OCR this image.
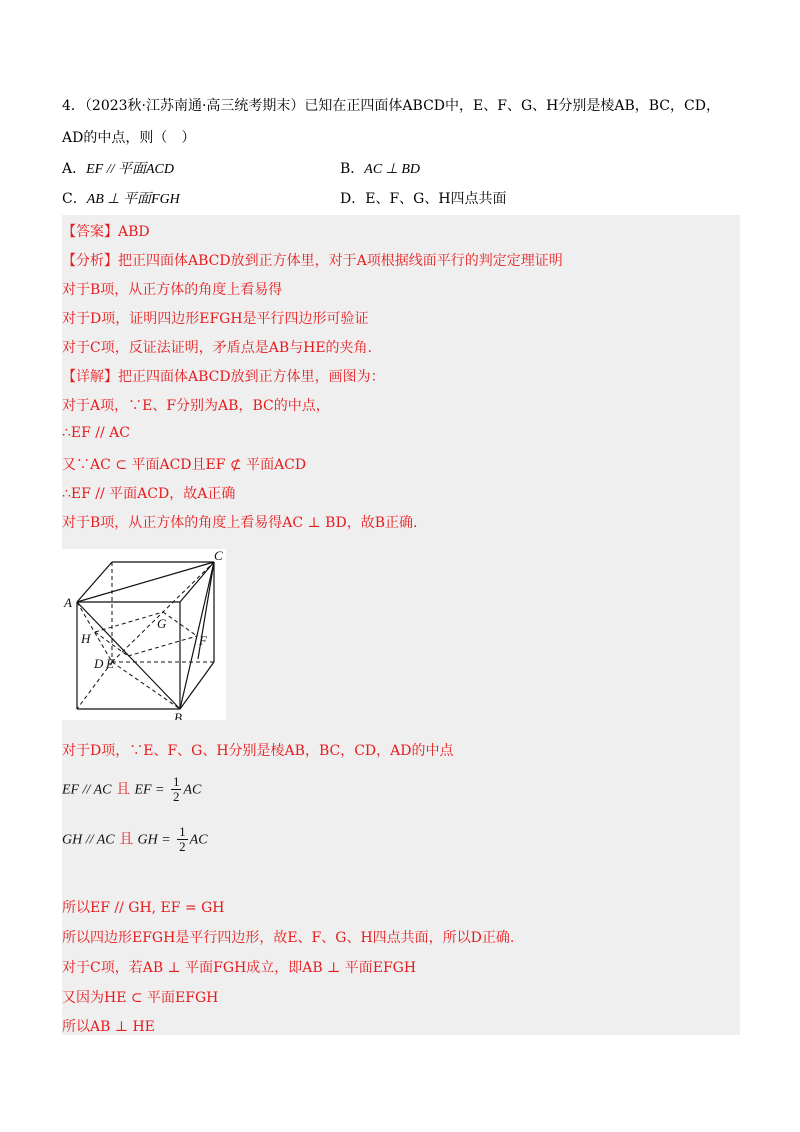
4．（2023秋·江苏南通·高三统考期末）已知在正四面体ABCD中，E、F、G、H分别是棱AB，BC，CD，
AD的中点，则（　）
A．EF // 平面ACD	B．AC ⊥ BD
C．AB ⊥ 平面FGH	D．E、F、G、H四点共面
【答案】ABD
【分析】把正四面体ABCD放到正方体里，对于A项根据线面平行的判定定理证明
对于B项，从正方体的角度上看易得
对于D项，证明四边形EFGH是平行四边形可验证
对于C项，反证法证明，矛盾点是AB与HE的夹角.
【详解】把正四面体ABCD放到正方体里，画图为：
对于A项，∵E、F分别为AB，BC的中点，
∴EF // AC
又∵AC ⊂ 平面ACD且EF ⊄ 平面ACD
∴EF // 平面ACD，故A正确
对于B项，从正方体的角度上看易得AC ⊥ BD，故B正确.
C
A
B
D E
F
G
H
对于D项，∵E、F、G、H分别是棱AB，BC，CD，AD的中点
EF // AC 且 EF = $\frac{1}{2}$ AC
GH // AC 且 GH = $\frac{1}{2}$ AC
所以EF // GH, EF = GH
所以四边形EFGH是平行四边形，故E、F、G、H四点共面，所以D正确.
对于C项，若AB ⊥ 平面FGH成立，即AB ⊥ 平面EFGH
又因为HE ⊂ 平面EFGH
所以AB ⊥ HE
